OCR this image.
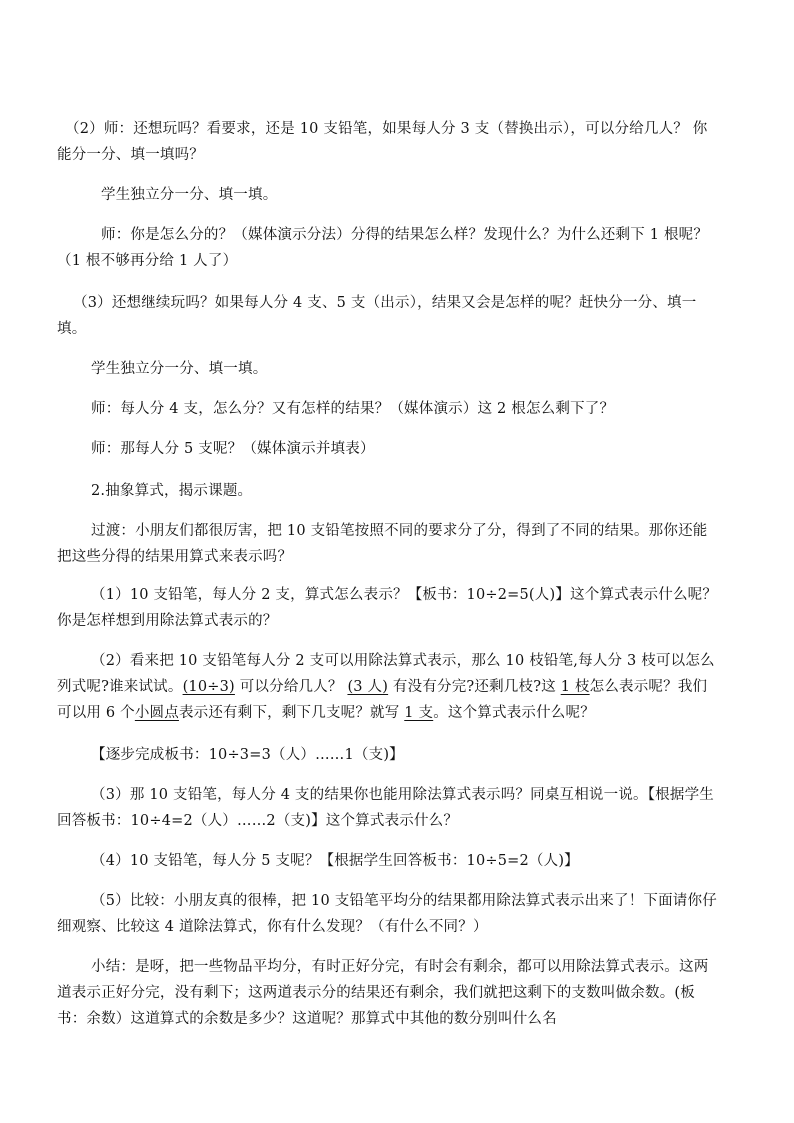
（2）师：还想玩吗？看要求，还是 10 支铅笔，如果每人分 3 支（替换出示），可以分给几人？ 你能分一分、填一填吗？

学生独立分一分、填一填。

师：你是怎么分的？（媒体演示分法）分得的结果怎么样？发现什么？为什么还剩下 1 根呢？（1 根不够再分给 1 人了）

（3）还想继续玩吗？如果每人分 4 支、5 支（出示），结果又会是怎样的呢？赶快分一分、填一填。

学生独立分一分、填一填。

师：每人分 4 支，怎么分？又有怎样的结果？（媒体演示）这 2 根怎么剩下了？

师：那每人分 5 支呢？（媒体演示并填表）

2.抽象算式，揭示课题。

过渡：小朋友们都很厉害，把 10 支铅笔按照不同的要求分了分，得到了不同的结果。那你还能把这些分得的结果用算式来表示吗？

（1）10 支铅笔，每人分 2 支，算式怎么表示？【板书：10÷2=5(人)】这个算式表示什么呢？ 你是怎样想到用除法算式表示的？

（2）看来把 10 支铅笔每人分 2 支可以用除法算式表示，那么 10 枝铅笔,每人分 3 枝可以怎么列式呢?谁来试试。(10÷3) 可以分给几人？ (3 人) 有没有分完?还剩几枝?这 1 枝怎么表示呢？我们可以用 6 个小圆点表示还有剩下，剩下几支呢？就写 1 支。这个算式表示什么呢？

【逐步完成板书：10÷3=3（人）……1（支)】

（3）那 10 支铅笔，每人分 4 支的结果你也能用除法算式表示吗？同桌互相说一说。【根据学生回答板书：10÷4=2（人）……2（支)】这个算式表示什么？

（4）10 支铅笔，每人分 5 支呢？【根据学生回答板书：10÷5=2（人)】

（5）比较：小朋友真的很棒，把 10 支铅笔平均分的结果都用除法算式表示出来了！下面请你仔细观察、比较这 4 道除法算式，你有什么发现？（有什么不同？）

小结：是呀，把一些物品平均分，有时正好分完，有时会有剩余，都可以用除法算式表示。这两道表示正好分完，没有剩下；这两道表示分的结果还有剩余，我们就把这剩下的支数叫做余数。(板书：余数）这道算式的余数是多少？这道呢？那算式中其他的数分别叫什么名
